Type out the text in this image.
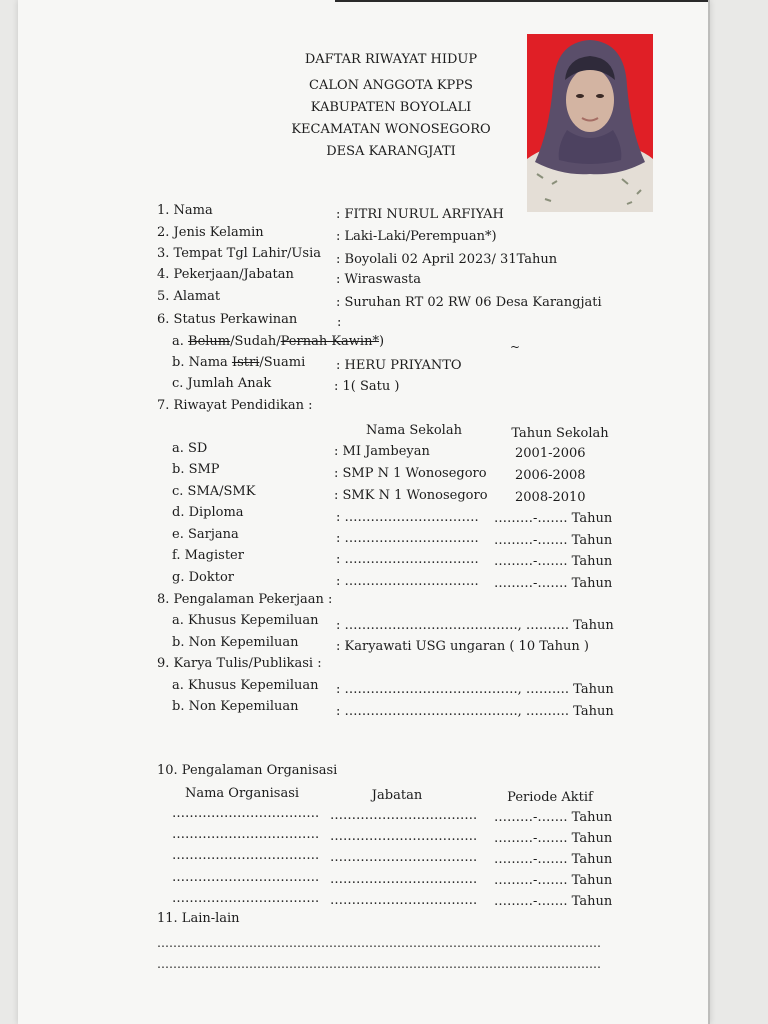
DAFTAR RIWAYAT HIDUP
CALON ANGGOTA KPPS
KABUPATEN BOYOLALI
KECAMATAN WONOSEGORO
DESA KARANGJATI
1. Nama	: FITRI NURUL ARFIYAH
2. Jenis Kelamin	: Laki-Laki/Perempuan*)
3. Tempat Tgl Lahir/Usia : Boyolali 02 April 2023/ 31Tahun
4. Pekerjaan/Jabatan	: Wiraswasta
5. Alamat	: Suruhan RT 02 RW 06 Desa Karangjati
6. Status Perkawinan	:
a. Belum/Sudah/Pernah Kawin*)	~
b. Nama Istri/Suami : HERU PRIYANTO
c. Jumlah Anak	: 1( Satu )
7. Riwayat Pendidikan :
Nama Sekolah	Tahun Sekolah
a. SD	: MI Jambeyan	2001-2006
b. SMP	: SMP N 1 Wonosegoro 2006-2008
c. SMA/SMK	: SMK N 1 Wonosegoro 2008-2010
d. Diploma	: …………………………. ………-……. Tahun
e. Sarjana	: …………………………. ………-……. Tahun
f. Magister	: …………………………. ………-……. Tahun
g. Doktor	: …………………………. ………-……. Tahun
8. Pengalaman Pekerjaan :
a. Khusus Kepemiluan : …………………………………., ………. Tahun
b. Non Kepemiluan	: Karyawati USG ungaran ( 10 Tahun )
9. Karya Tulis/Publikasi :
a. Khusus Kepemiluan : …………………………………., ………. Tahun
b. Non Kepemiluan	: …………………………………., ………. Tahun
10. Pengalaman Organisasi
Nama Organisasi	Jabatan	Periode Aktif
……………………………. ……………………………. ………-……. Tahun
……………………………. ……………………………. ………-……. Tahun
……………………………. ……………………………. ………-……. Tahun
……………………………. ……………………………. ………-……. Tahun
……………………………. ……………………………. ………-……. Tahun
11. Lain-lain
…………………………………………………………………………………………………
…………………………………………………………………………………………………
